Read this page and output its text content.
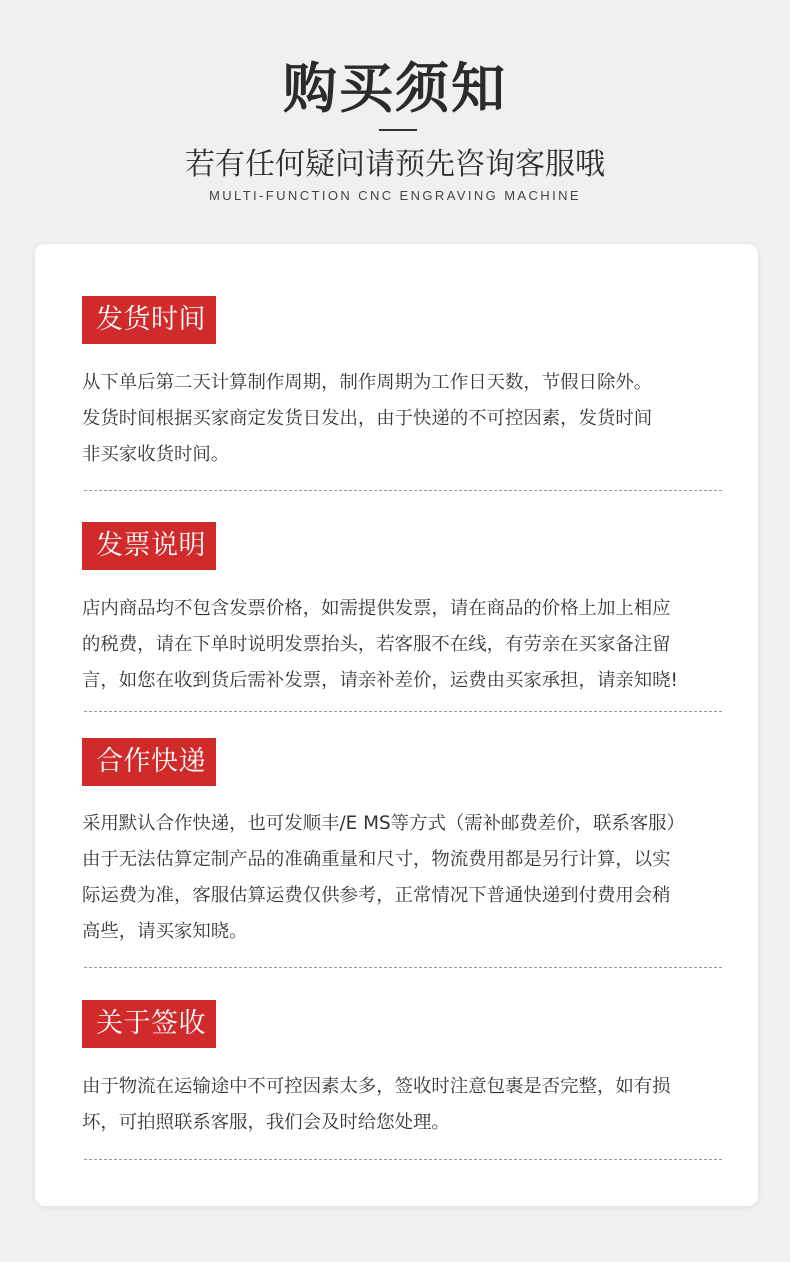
购买须知
若有任何疑问请预先咨询客服哦
MULTI-FUNCTION CNC ENGRAVING MACHINE
发货时间

从下单后第二天计算制作周期，制作周期为工作日天数，节假日除外。
发货时间根据买家商定发货日发出，由于快递的不可控因素，发货时间
非买家收货时间。

发票说明

店内商品均不包含发票价格，如需提供发票，请在商品的价格上加上相应
的税费，请在下单时说明发票抬头，若客服不在线，有劳亲在买家备注留
言，如您在收到货后需补发票，请亲补差价，运费由买家承担，请亲知晓!

合作快递

采用默认合作快递，也可发顺丰/E MS等方式（需补邮费差价，联系客服）
由于无法估算定制产品的准确重量和尺寸，物流费用都是另行计算，以实
际运费为准，客服估算运费仅供参考，正常情况下普通快递到付费用会稍
高些，请买家知晓。

关于签收

由于物流在运输途中不可控因素太多，签收时注意包裹是否完整，如有损
坏，可拍照联系客服，我们会及时给您处理。
